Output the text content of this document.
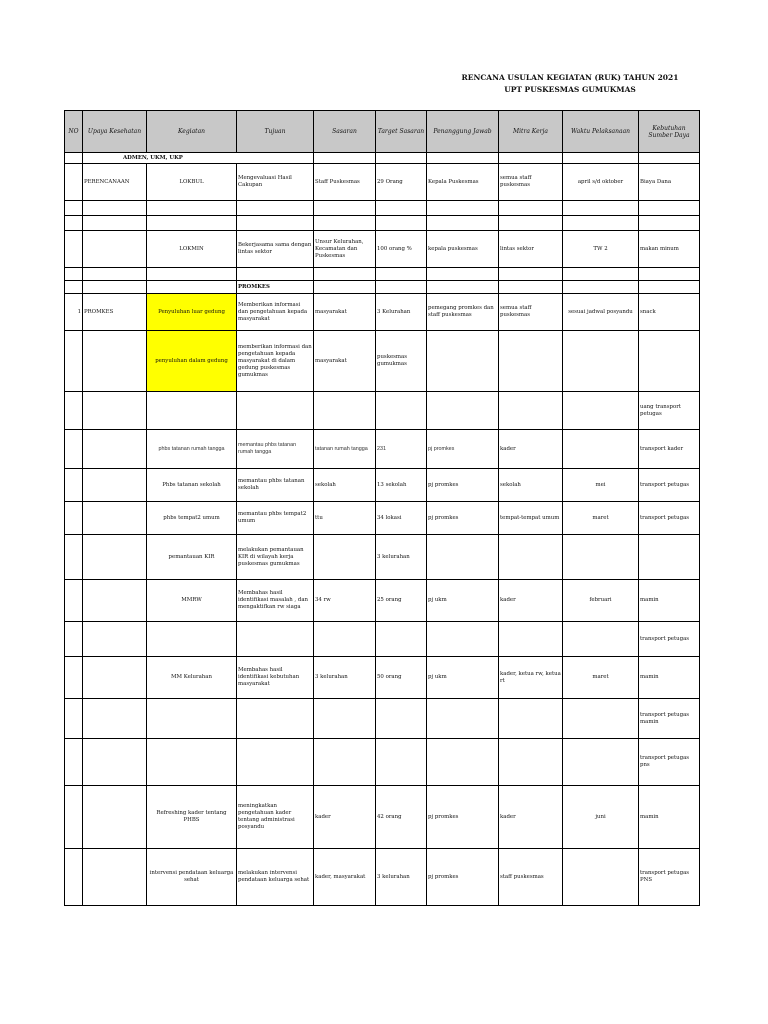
RENCANA USULAN KEGIATAN (RUK) TAHUN 2021
UPT PUSKESMAS GUMUKMAS
NO	Upaya Kesehatan	Kegiatan	Tujuan	Sasaran	Target Sasaran	Penanggung Jawab	Mitra Kerja	Waktu Pelaksanaan	Kebutuhan Sumber Daya
	ADMEN, UKM, UKP								
	PERENCANAAN	LOKBUL	Mengevaluasi Hasil Cakupan	Staff Puskesmas	29 Orang	Kepala Puskesmas	semua staff puskesmas	april s/d oktober	Biaya Dana

		LOKMIN	Bekerjasama sama dengan lintas sektor	Unsur Kelurahan, Kecamatan dan Puskesmas	100 orang %	kepala puskesmas	lintas sektor	TW 2	makan minum

			PROMKES						
1	PROMKES	Penyuluhan luar gedung	Memberikan informasi dan pengetahuan kepada masyarakat	masyarakat	3 Kelurahan	pemegang promkes dan staff puskesmas	semua staff puskesmas	sesuai jadwal posyandu	snack
		penyuluhan dalam gedung	memberikan informasi dan pengetahuan kepada masyarakat di dalam gedung puskesmas gumukmas	masyarakat	puskesmas gumukmas				
									uang transport petugas
		phbs tatanan rumah tangga	memantau phbs tatanan rumah tangga	tatanan rumah tangga	231	pj promkes	kader		transport kader
		Phbs tatanan sekolah	memantau phbs tatanan sekolah	sekolah	13 sekolah	pj promkes	sekolah	mei	transport petugas
		phbs tempat2 umum	memantau phbs tempat2 umum	ttu	34 lokasi	pj promkes	tempat-tempat umum	maret	transport petugas
		pemantauan KIR	melakukan pemantauan KIR di wilayah kerja puskesmas gumukmas		3 kelurahan				
		MMRW	Membahas hasil identifikasi masalah , dan mengaktifkan rw siaga	34 rw	25 orang	pj ukm	kader	februari	mamin
									transport petugas
		MM Kelurahan	Membahas hasil identifikasi kebutuhan masyarakat	3 kelurahan	50 orang	pj ukm	kader, ketua rw, ketua rt	maret	mamin
									transport petugas mamin
									transport petugas pns
		Refreshing kader tentang PHBS	meningkatkan pengetahuan kader tentang administrasi posyandu	kader	42 orang	pj promkes	kader	juni	mamin
		intervensi pendataan keluarga sehat	melakukan intervensi pendataan keluarga sehat	kader, masyarakat	3 kelurahan	pj promkes	staff puskesmas		transport petugas PNS
